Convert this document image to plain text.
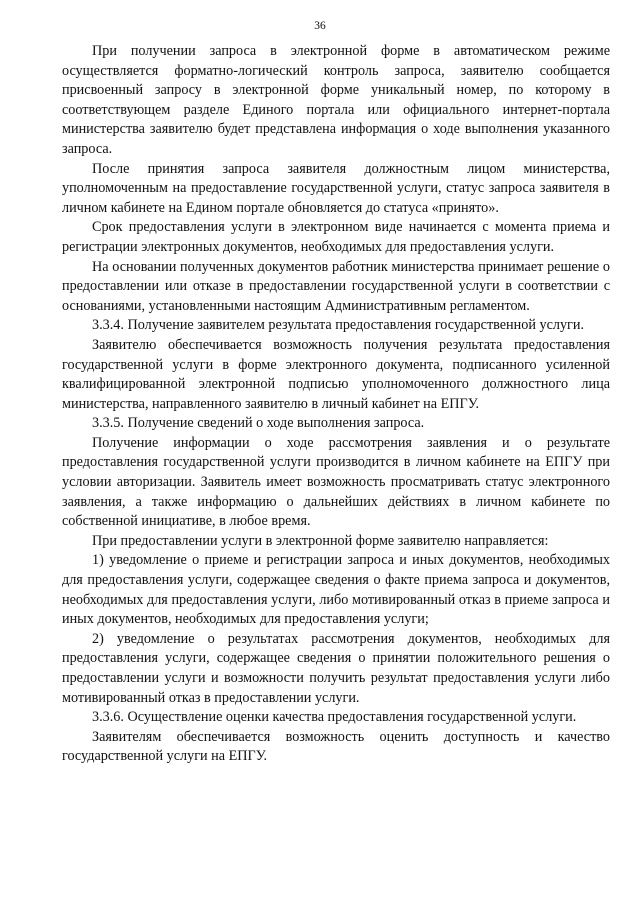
36

При получении запроса в электронной форме в автоматическом режиме осуществляется форматно-логический контроль запроса, заявителю сообщается присвоенный запросу в электронной форме уникальный номер, по которому в соответствующем разделе Единого портала или официального интернет-портала министерства заявителю будет представлена информация о ходе выполнения указанного запроса.

После принятия запроса заявителя должностным лицом министерства, уполномоченным на предоставление государственной услуги, статус запроса заявителя в личном кабинете на Едином портале обновляется до статуса «принято».

Срок предоставления услуги в электронном виде начинается с момента приема и регистрации электронных документов, необходимых для предоставления услуги.

На основании полученных документов работник министерства принимает решение о предоставлении или отказе в предоставлении государственной услуги в соответствии с основаниями, установленными настоящим Административным регламентом.

3.3.4. Получение заявителем результата предоставления государственной услуги.

Заявителю обеспечивается возможность получения результата предоставления государственной услуги в форме электронного документа, подписанного усиленной квалифицированной электронной подписью уполномоченного должностного лица министерства, направленного заявителю в личный кабинет на ЕПГУ.

3.3.5. Получение сведений о ходе выполнения запроса.

Получение информации о ходе рассмотрения заявления и о результате предоставления государственной услуги производится в личном кабинете на ЕПГУ при условии авторизации. Заявитель имеет возможность просматривать статус электронного заявления, а также информацию о дальнейших действиях в личном кабинете по собственной инициативе, в любое время.

При предоставлении услуги в электронной форме заявителю направляется:

1) уведомление о приеме и регистрации запроса и иных документов, необходимых для предоставления услуги, содержащее сведения о факте приема запроса и документов, необходимых для предоставления услуги, либо мотивированный отказ в приеме запроса и иных документов, необходимых для предоставления услуги;

2) уведомление о результатах рассмотрения документов, необходимых для предоставления услуги, содержащее сведения о принятии положительного решения о предоставлении услуги и возможности получить результат предоставления услуги либо мотивированный отказ в предоставлении услуги.

3.3.6. Осуществление оценки качества предоставления государственной услуги.

Заявителям обеспечивается возможность оценить доступность и качество государственной услуги на ЕПГУ.
